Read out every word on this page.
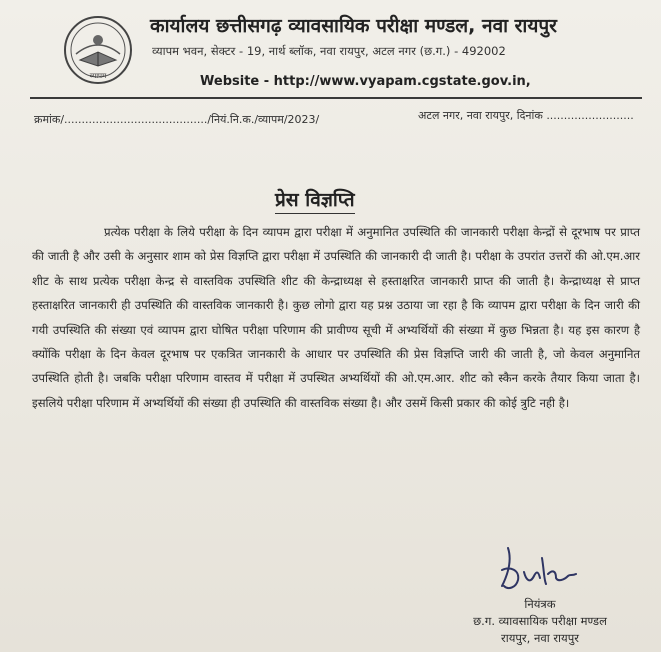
व्यापम
कार्यालय छत्तीसगढ़ व्यावसायिक परीक्षा मण्डल, नवा रायपुर
व्यापम भवन, सेक्टर - 19, नार्थ ब्लॉक, नवा रायपुर, अटल नगर (छ.ग.) - 492002
Website - http://www.vyapam.cgstate.gov.in,
क्रमांक/........................................./नियं.नि.क./व्यापम/2023/	अटल नगर, नवा रायपुर, दिनांक .........................
प्रेस विज्ञप्ति
प्रत्येक परीक्षा के लिये परीक्षा के दिन व्यापम द्वारा परीक्षा में अनुमानित उपस्थिति की जानकारी परीक्षा केन्द्रों से दूरभाष पर प्राप्त की जाती है और उसी के अनुसार शाम को प्रेस विज्ञप्ति द्वारा परीक्षा में उपस्थिति की जानकारी दी जाती है। परीक्षा के उपरांत उत्तरों की ओ.एम.आर शीट के साथ प्रत्येक परीक्षा केन्द्र से वास्तविक उपस्थिति शीट की केन्द्राध्यक्ष से हस्ताक्षरित जानकारी प्राप्त की जाती है। केन्द्राध्यक्ष से प्राप्त हस्ताक्षरित जानकारी ही उपस्थिति की वास्तविक जानकारी है। कुछ लोगो द्वारा यह प्रश्न उठाया जा रहा है कि व्यापम द्वारा परीक्षा के दिन जारी की गयी उपस्थिति की संख्या एवं व्यापम द्वारा घोषित परीक्षा परिणाम की प्रावीण्य सूची में अभ्यर्थियों की संख्या में कुछ भिन्नता है। यह इस कारण है क्योंकि परीक्षा के दिन केवल दूरभाष पर एकत्रित जानकारी के आधार पर उपस्थिति की प्रेस विज्ञप्ति जारी की जाती है, जो केवल अनुमानित उपस्थिति होती है। जबकि परीक्षा परिणाम वास्तव में परीक्षा में उपस्थित अभ्यर्थियों की ओ.एम.आर. शीट को स्कैन करके तैयार किया जाता है। इसलिये परीक्षा परिणाम में अभ्यर्थियों की संख्या ही उपस्थिति की वास्तविक संख्या है। और उसमें किसी प्रकार की कोई त्रुटि नही है।
नियंत्रक
छ.ग. व्यावसायिक परीक्षा मण्डल
रायपुर, नवा रायपुर
